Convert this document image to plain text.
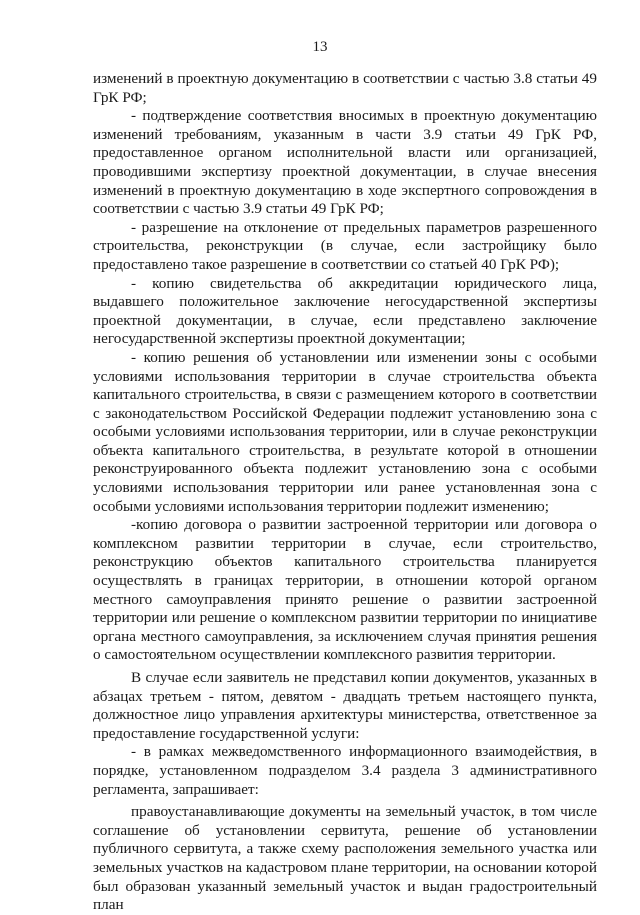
13

изменений в проектную документацию в соответствии с частью 3.8 статьи 49 ГрК РФ;

- подтверждение соответствия вносимых в проектную документацию изменений требованиям, указанным в части 3.9 статьи 49 ГрК РФ, предоставленное органом исполнительной власти или организацией, проводившими экспертизу проектной документации, в случае внесения изменений в проектную документацию в ходе экспертного сопровождения в соответствии с частью 3.9 статьи 49 ГрК РФ;

- разрешение на отклонение от предельных параметров разрешенного строительства, реконструкции (в случае, если застройщику было предоставлено такое разрешение в соответствии со статьей 40 ГрК РФ);

- копию свидетельства об аккредитации юридического лица, выдавшего положительное заключение негосударственной экспертизы проектной документации, в случае, если представлено заключение негосударственной экспертизы проектной документации;

- копию решения об установлении или изменении зоны с особыми условиями использования территории в случае строительства объекта капитального строительства, в связи с размещением которого в соответствии с законодательством Российской Федерации подлежит установлению зона с особыми условиями использования территории, или в случае реконструкции объекта капитального строительства, в результате которой в отношении реконструированного объекта подлежит установлению зона с особыми условиями использования территории или ранее установленная зона с особыми условиями использования территории подлежит изменению;

-копию договора о развитии застроенной территории или договора о комплексном развитии территории в случае, если строительство, реконструкцию объектов капитального строительства планируется осуществлять в границах территории, в отношении которой органом местного самоуправления принято решение о развитии застроенной территории или решение о комплексном развитии территории по инициативе органа местного самоуправления, за исключением случая принятия решения о самостоятельном осуществлении комплексного развития территории.

В случае если заявитель не представил копии документов, указанных в абзацах третьем - пятом, девятом - двадцать третьем настоящего пункта, должностное лицо управления архитектуры министерства, ответственное за предоставление государственной услуги:

- в рамках межведомственного информационного взаимодействия, в порядке, установленном подразделом 3.4 раздела 3 административного регламента, запрашивает:

правоустанавливающие документы на земельный участок, в том числе соглашение об установлении сервитута, решение об установлении публичного сервитута, а также схему расположения земельного участка или земельных участков на кадастровом плане территории, на основании которой был образован указанный земельный участок и выдан градостроительный план
